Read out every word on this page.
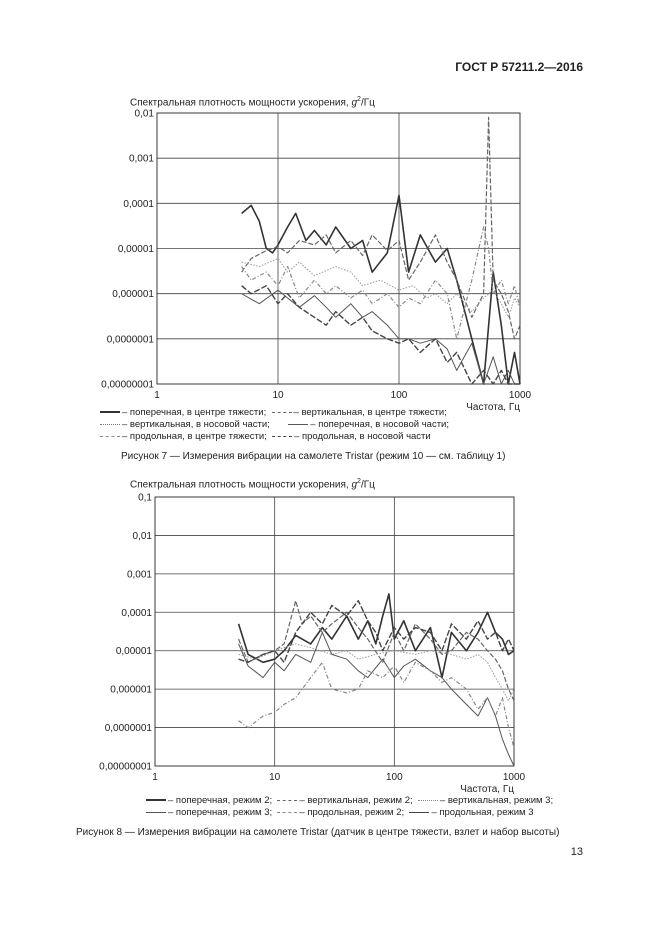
ГОСТ Р 57211.2—2016
Спектральная плотность мощности ускорения, $g^2/Гц$
0,01
0,001
0,0001
0,00001
0,000001
0,0000001
0,00000001
1	10	100	1000
Частота, Гц
– поперечная, в центре тяжести;	– вертикальная, в центре тяжести;
– вертикальная, в носовой части;	– поперечная, в носовой части;
– продольная, в центре тяжести;	– продольная, в носовой части
Рисунок 7 — Измерения вибрации на самолете Tristar (режим 10 — см. таблицу 1)
Спектральная плотность мощности ускорения, $g^2/Гц$
0,1
0,01
0,001
0,0001
0,00001
0,000001
0,0000001
0,00000001
1	10	100	1000
Частота, Гц
– поперечная, режим 2;	– вертикальная, режим 2;	– вертикальная, режим 3;
– поперечная, режим 3;	– продольная, режим 2;	– продольная, режим 3
Рисунок 8 — Измерения вибрации на самолете Tristar (датчик в центре тяжести, взлет и набор высоты)
13
